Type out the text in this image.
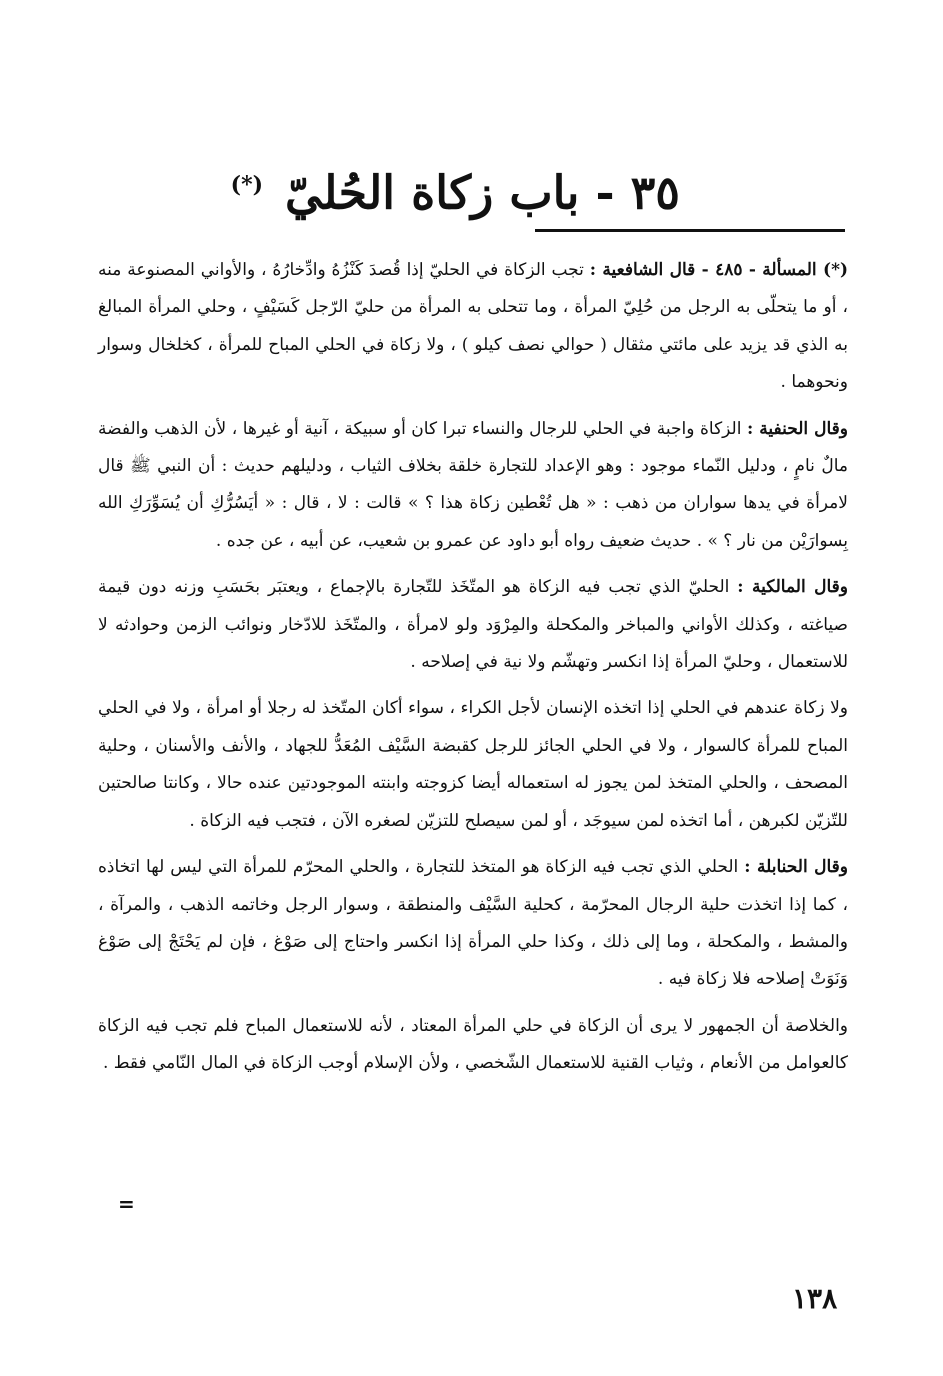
٣٥ - باب زكاة الحُليّ (*)

(*) المسألة - ٤٨٥ - قال الشافعية : تجب الزكاة في الحليّ إذا قُصدَ كَنْزُهُ وادِّخارُهُ ، والأواني المصنوعة منه ، أو ما يتحلّى به الرجل من حُلِيّ المرأة ، وما تتحلى به المرأة من حليّ الرّجل كَسَيْفٍ ، وحلي المرأة المبالغ به الذي قد يزيد على مائتي مثقال ( حوالي نصف كيلو ) ، ولا زكاة في الحلي المباح للمرأة ، كخلخال وسوار ونحوهما .

وقال الحنفية : الزكاة واجبة في الحلي للرجال والنساء تبرا كان أو سبيكة ، آنية أو غيرها ، لأن الذهب والفضة مالٌ نامٍ ، ودليل النّماء موجود : وهو الإعداد للتجارة خلقة بخلاف الثياب ، ودليلهم حديث : أن النبي ﷺ قال لامرأة في يدها سواران من ذهب : « هل تُعْطين زكاة هذا ؟ » قالت : لا ، قال : « أيَسُرُّكِ أن يُسَوِّرَكِ الله بِسوارَيْن من نار ؟ » . حديث ضعيف رواه أبو داود عن عمرو بن شعيب، عن أبيه ، عن جده .

وقال المالكية : الحليّ الذي تجب فيه الزكاة هو المتّخَذ للتّجارة بالإجماع ، ويعتبَر بحَسَبِ وزنه دون قيمة صياغته ، وكذلك الأواني والمباخر والمكحلة والمِرْوَد ولو لامرأة ، والمتّخَذ للادّخار ونوائب الزمن وحوادثه لا للاستعمال ، وحليّ المرأة إذا انكسر وتهشّم ولا نية في إصلاحه .

ولا زكاة عندهم في الحلي إذا اتخذه الإنسان لأجل الكراء ، سواء أكان المتّخذ له رجلا أو امرأة ، ولا في الحلي المباح للمرأة كالسوار ، ولا في الحلي الجائز للرجل كقبضة السَّيْف المُعَدُّ للجهاد ، والأنف والأسنان ، وحلية المصحف ، والحلي المتخذ لمن يجوز له استعماله أيضا كزوجته وابنته الموجودتين عنده حالا ، وكانتا صالحتين للتّزيّن لكبرهن ، أما اتخذه لمن سيوجَد ، أو لمن سيصلح للتزيّن لصغره الآن ، فتجب فيه الزكاة .

وقال الحنابلة : الحلي الذي تجب فيه الزكاة هو المتخذ للتجارة ، والحلي المحرّم للمرأة التي ليس لها اتخاذه ، كما إذا اتخذت حلية الرجال المحرّمة ، كحلية السَّيْف والمنطقة ، وسوار الرجل وخاتمه الذهب ، والمرآة ، والمشط ، والمكحلة ، وما إلى ذلك ، وكذا حلي المرأة إذا انكسر واحتاج إلى صَوْغ ، فإن لم يَحْتَجْ إلى صَوْغ وَنَوَتْ إصلاحه فلا زكاة فيه .

والخلاصة أن الجمهور لا يرى أن الزكاة في حلي المرأة المعتاد ، لأنه للاستعمال المباح فلم تجب فيه الزكاة كالعوامل من الأنعام ، وثياب القنية للاستعمال الشّخصي ، ولأن الإسلام أوجب الزكاة في المال النّامي فقط .

=
١٣٨
